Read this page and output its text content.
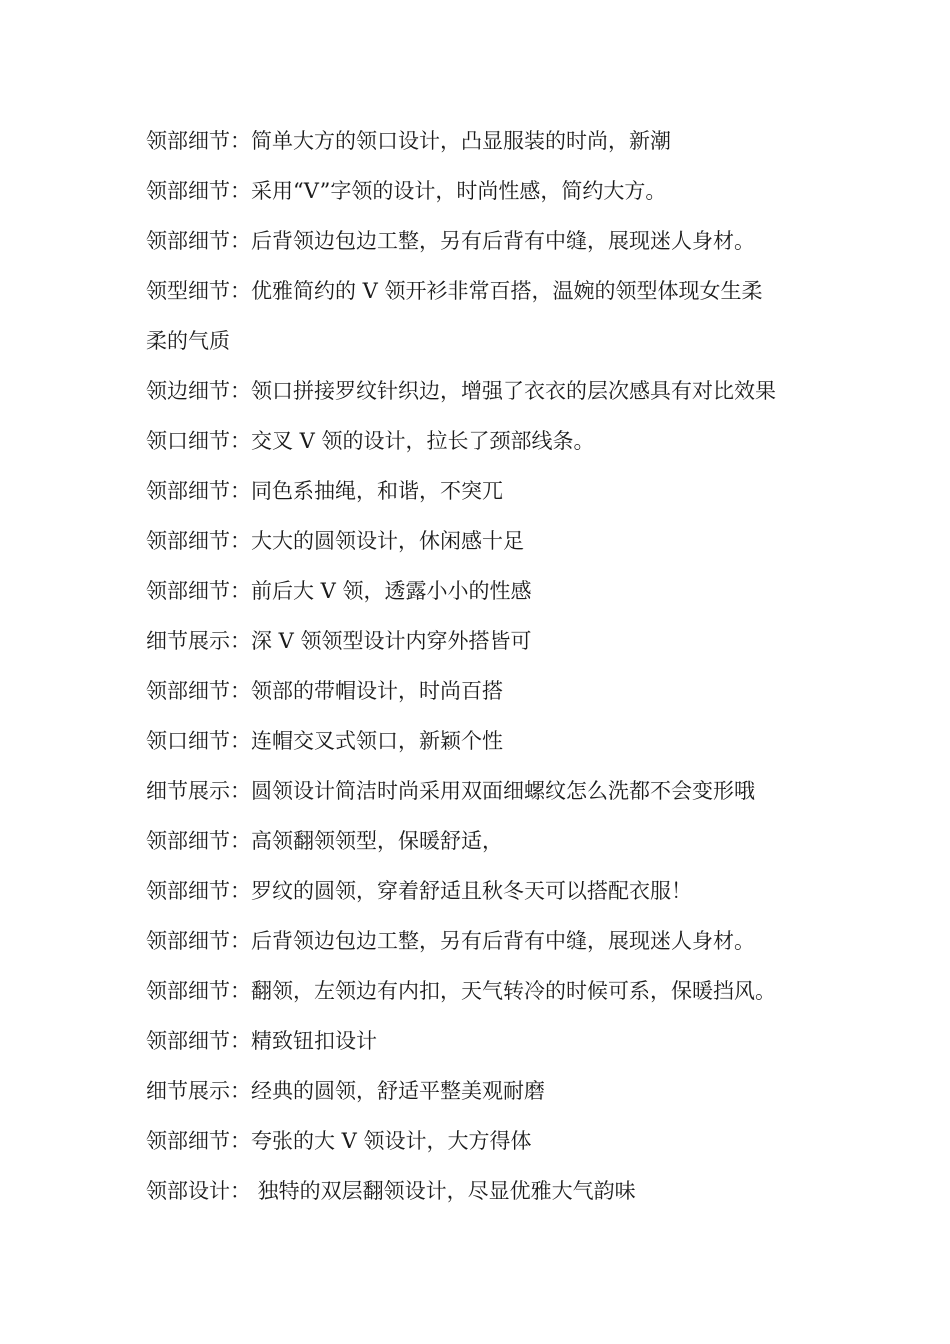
领部细节：简单大方的领口设计，凸显服装的时尚，新潮
领部细节：采用“V”字领的设计，时尚性感，简约大方。
领部细节：后背领边包边工整，另有后背有中缝，展现迷人身材。
领型细节：优雅简约的 V 领开衫非常百搭，温婉的领型体现女生柔
柔的气质
领边细节：领口拼接罗纹针织边，增强了衣衣的层次感具有对比效果
领口细节：交叉 V 领的设计，拉长了颈部线条。
领部细节：同色系抽绳，和谐，不突兀
领部细节：大大的圆领设计，休闲感十足
领部细节：前后大 V 领，透露小小的性感
细节展示：深 V 领领型设计内穿外搭皆可
领部细节：领部的带帽设计，时尚百搭
领口细节：连帽交叉式领口，新颖个性
细节展示：圆领设计简洁时尚采用双面细螺纹怎么洗都不会变形哦
领部细节：高领翻领领型，保暖舒适，
领部细节：罗纹的圆领，穿着舒适且秋冬天可以搭配衣服！
领部细节：后背领边包边工整，另有后背有中缝，展现迷人身材。
领部细节：翻领，左领边有内扣，天气转冷的时候可系，保暖挡风。
领部细节：精致钮扣设计
细节展示：经典的圆领，舒适平整美观耐磨
领部细节：夸张的大 V 领设计，大方得体
领部设计： 独特的双层翻领设计，尽显优雅大气韵味
